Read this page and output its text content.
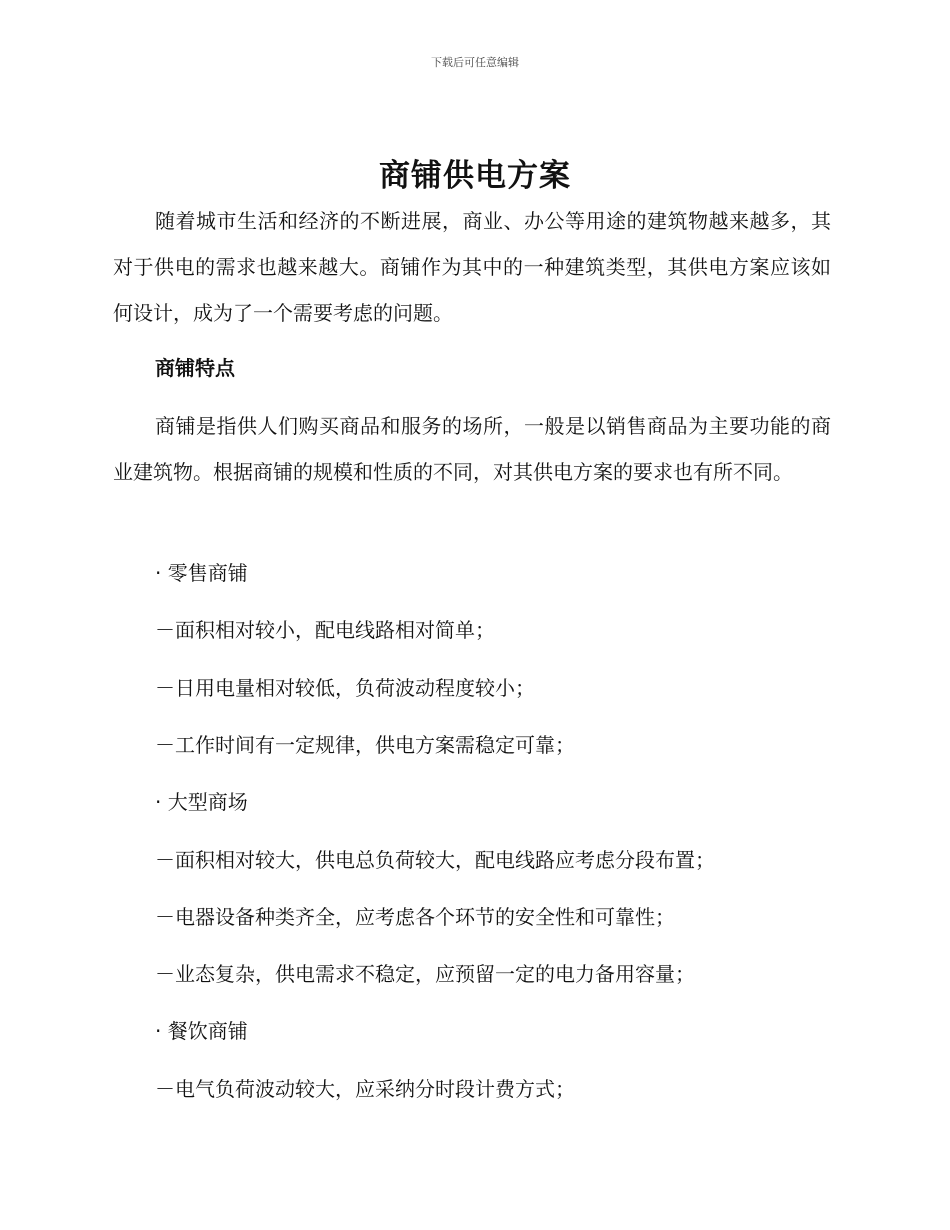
下载后可任意编辑
商铺供电方案

随着城市生活和经济的不断进展，商业、办公等用途的建筑物越来越多，其对于供电的需求也越来越大。商铺作为其中的一种建筑类型，其供电方案应该如何设计，成为了一个需要考虑的问题。

商铺特点

商铺是指供人们购买商品和服务的场所，一般是以销售商品为主要功能的商业建筑物。根据商铺的规模和性质的不同，对其供电方案的要求也有所不同。

· 零售商铺
－面积相对较小，配电线路相对简单；
－日用电量相对较低，负荷波动程度较小；
－工作时间有一定规律，供电方案需稳定可靠；
· 大型商场
－面积相对较大，供电总负荷较大，配电线路应考虑分段布置；
－电器设备种类齐全，应考虑各个环节的安全性和可靠性；
－业态复杂，供电需求不稳定，应预留一定的电力备用容量；
· 餐饮商铺
－电气负荷波动较大，应采纳分时段计费方式；
